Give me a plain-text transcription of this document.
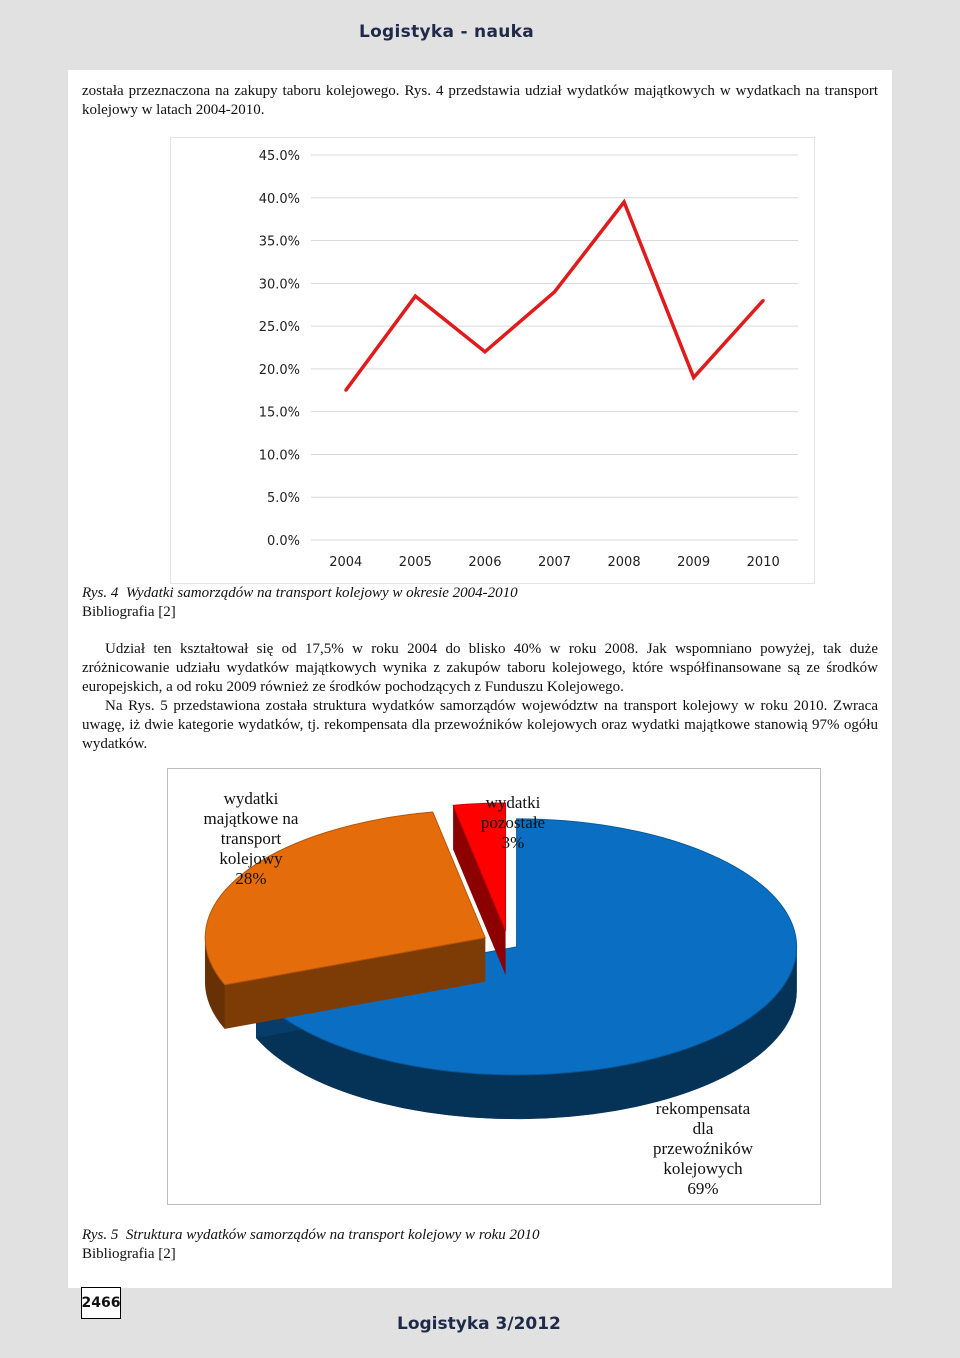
Logistyka - nauka
została przeznaczona na zakupy taboru kolejowego. Rys. 4 przedstawia udział wydatków majątkowych w wydatkach na transport kolejowy w latach 2004-2010.
0.0%
5.0%
10.0%
15.0%
20.0%
25.0%
30.0%
35.0%
40.0%
45.0%
2004	2005	2006	2007	2008	2009	2010
Rys. 4 Wydatki samorządów na transport kolejowy w okresie 2004-2010
Bibliografia [2]
Udział ten kształtował się od 17,5% w roku 2004 do blisko 40% w roku 2008. Jak wspomniano powyżej, tak duże zróżnicowanie udziału wydatków majątkowych wynika z zakupów taboru kolejowego, które współfinansowane są ze środków europejskich, a od roku 2009 również ze środków pochodzących z Funduszu Kolejowego.
Na Rys. 5 przedstawiona została struktura wydatków samorządów województw na transport kolejowy w roku 2010. Zwraca uwagę, iż dwie kategorie wydatków, tj. rekompensata dla przewoźników kolejowych oraz wydatki majątkowe stanowią 97% ogółu wydatków.
wydatki
majątkowe na
transport
kolejowy
28%
wydatki
pozostałe
3%
rekompensata
dla
przewoźników
kolejowych
69%
Rys. 5 Struktura wydatków samorządów na transport kolejowy w roku 2010
Bibliografia [2]
2466
Logistyka 3/2012
